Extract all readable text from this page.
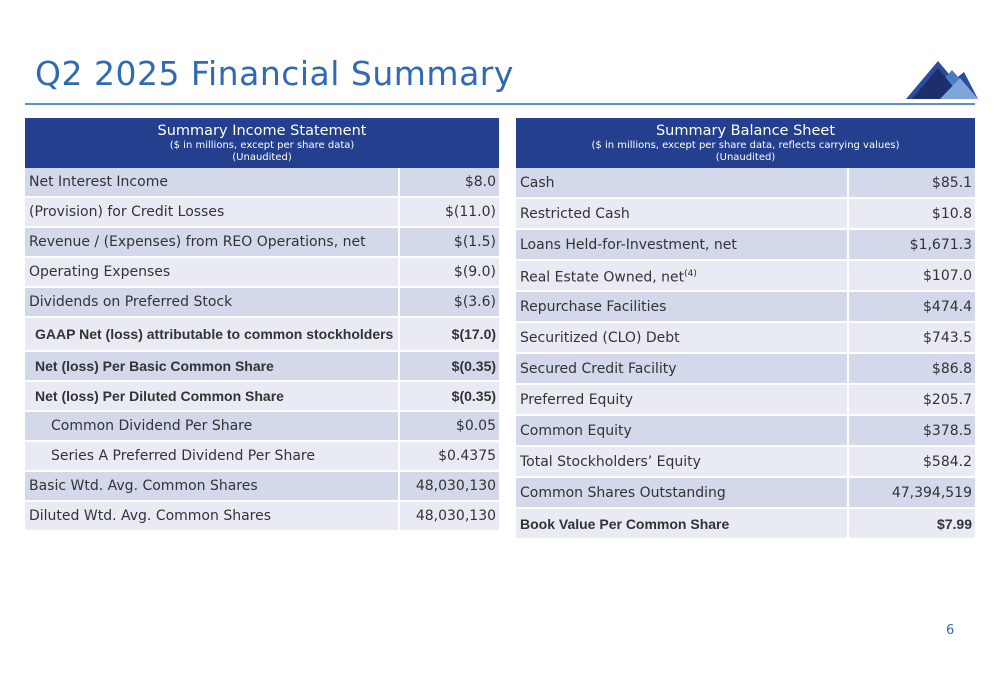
Q2 2025 Financial Summary
Summary Income Statement
($ in millions, except per share data)
(Unaudited)	

Net Interest Income	$8.0
(Provision) for Credit Losses	$(11.0)
Revenue / (Expenses) from REO Operations, net	$(1.5)
Operating Expenses	$(9.0)
Dividends on Preferred Stock	$(3.6)
GAAP Net (loss) attributable to common stockholders	$(17.0)
Net (loss) Per Basic Common Share	$(0.35)
Net (loss) Per Diluted Common Share	$(0.35)
Common Dividend Per Share	$0.05
Series A Preferred Dividend Per Share	$0.4375
Basic Wtd. Avg. Common Shares	48,030,130
Diluted Wtd. Avg. Common Shares	48,030,130
Summary Balance Sheet
($ in millions, except per share data, reflects carrying values)
(Unaudited)	

Cash	$85.1
Restricted Cash	$10.8
Loans Held-for-Investment, net	$1,671.3
Real Estate Owned, net$^{(4)}$	$107.0
Repurchase Facilities	$474.4
Securitized (CLO) Debt	$743.5
Secured Credit Facility	$86.8
Preferred Equity	$205.7
Common Equity	$378.5
Total Stockholders’ Equity	$584.2
Common Shares Outstanding	47,394,519
Book Value Per Common Share	$7.99
6
